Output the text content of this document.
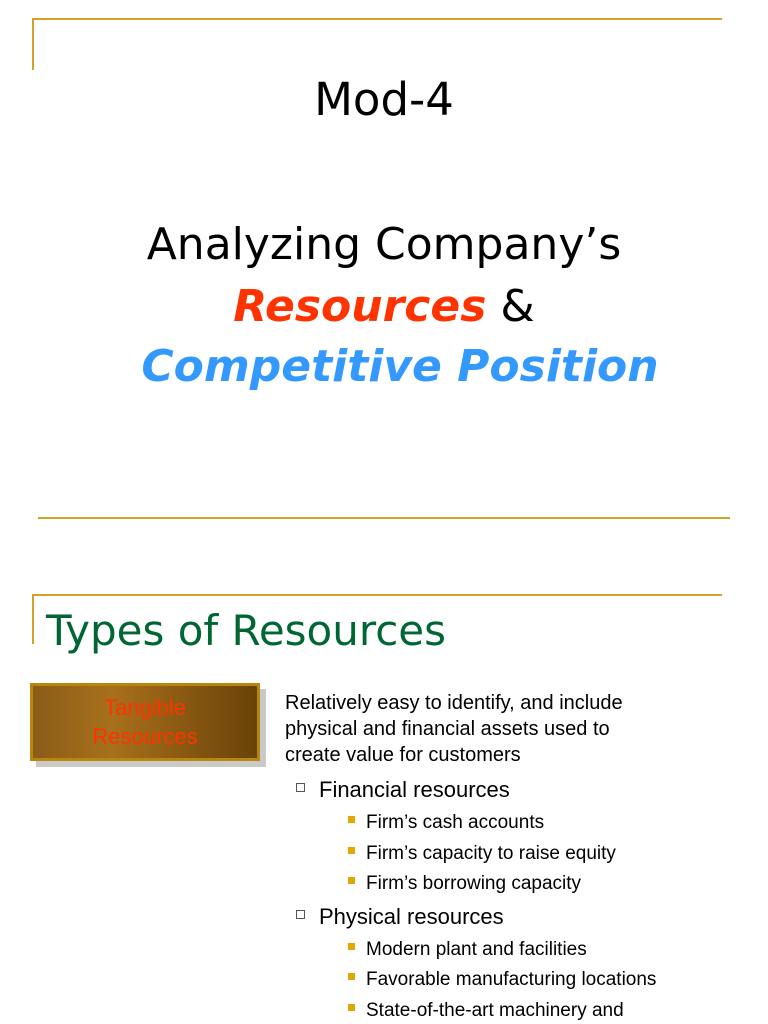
Mod-4
Analyzing Company’s
Resources &
Competitive Position
Types of Resources
Tangible
Resources
Relatively easy to identify, and include
physical and financial assets used to
create value for customers
Financial resources
Firm’s cash accounts
Firm’s capacity to raise equity
Firm’s borrowing capacity
Physical resources
Modern plant and facilities
Favorable manufacturing locations
State-of-the-art machinery and
